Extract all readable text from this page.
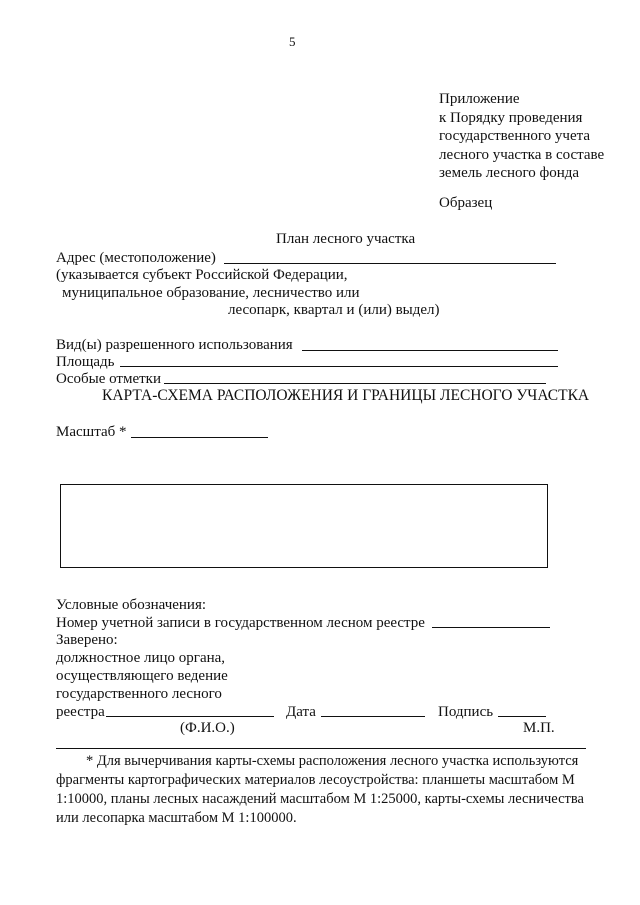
5
Приложение
к Порядку проведения
государственного учета
лесного участка в составе
земель лесного фонда
Образец
План лесного участка
Адрес (местоположение)
(указывается субъект Российской Федерации,
муниципальное образование, лесничество или
лесопарк, квартал и (или) выдел)
Вид(ы) разрешенного использования
Площадь
Особые отметки
КАРТА-СХЕМА РАСПОЛОЖЕНИЯ И ГРАНИЦЫ ЛЕСНОГО УЧАСТКА
Масштаб *
Условные обозначения:
Номер учетной записи в государственном лесном реестре
Заверено:
должностное лицо органа,
осуществляющего ведение
государственного лесного
реестра	Дата	Подпись
(Ф.И.О.)	М.П.
* Для вычерчивания карты-схемы расположения лесного участка используются
фрагменты картографических материалов лесоустройства: планшеты масштабом М
1:10000, планы лесных насаждений масштабом М 1:25000, карты-схемы лесничества
или лесопарка масштабом М 1:100000.
